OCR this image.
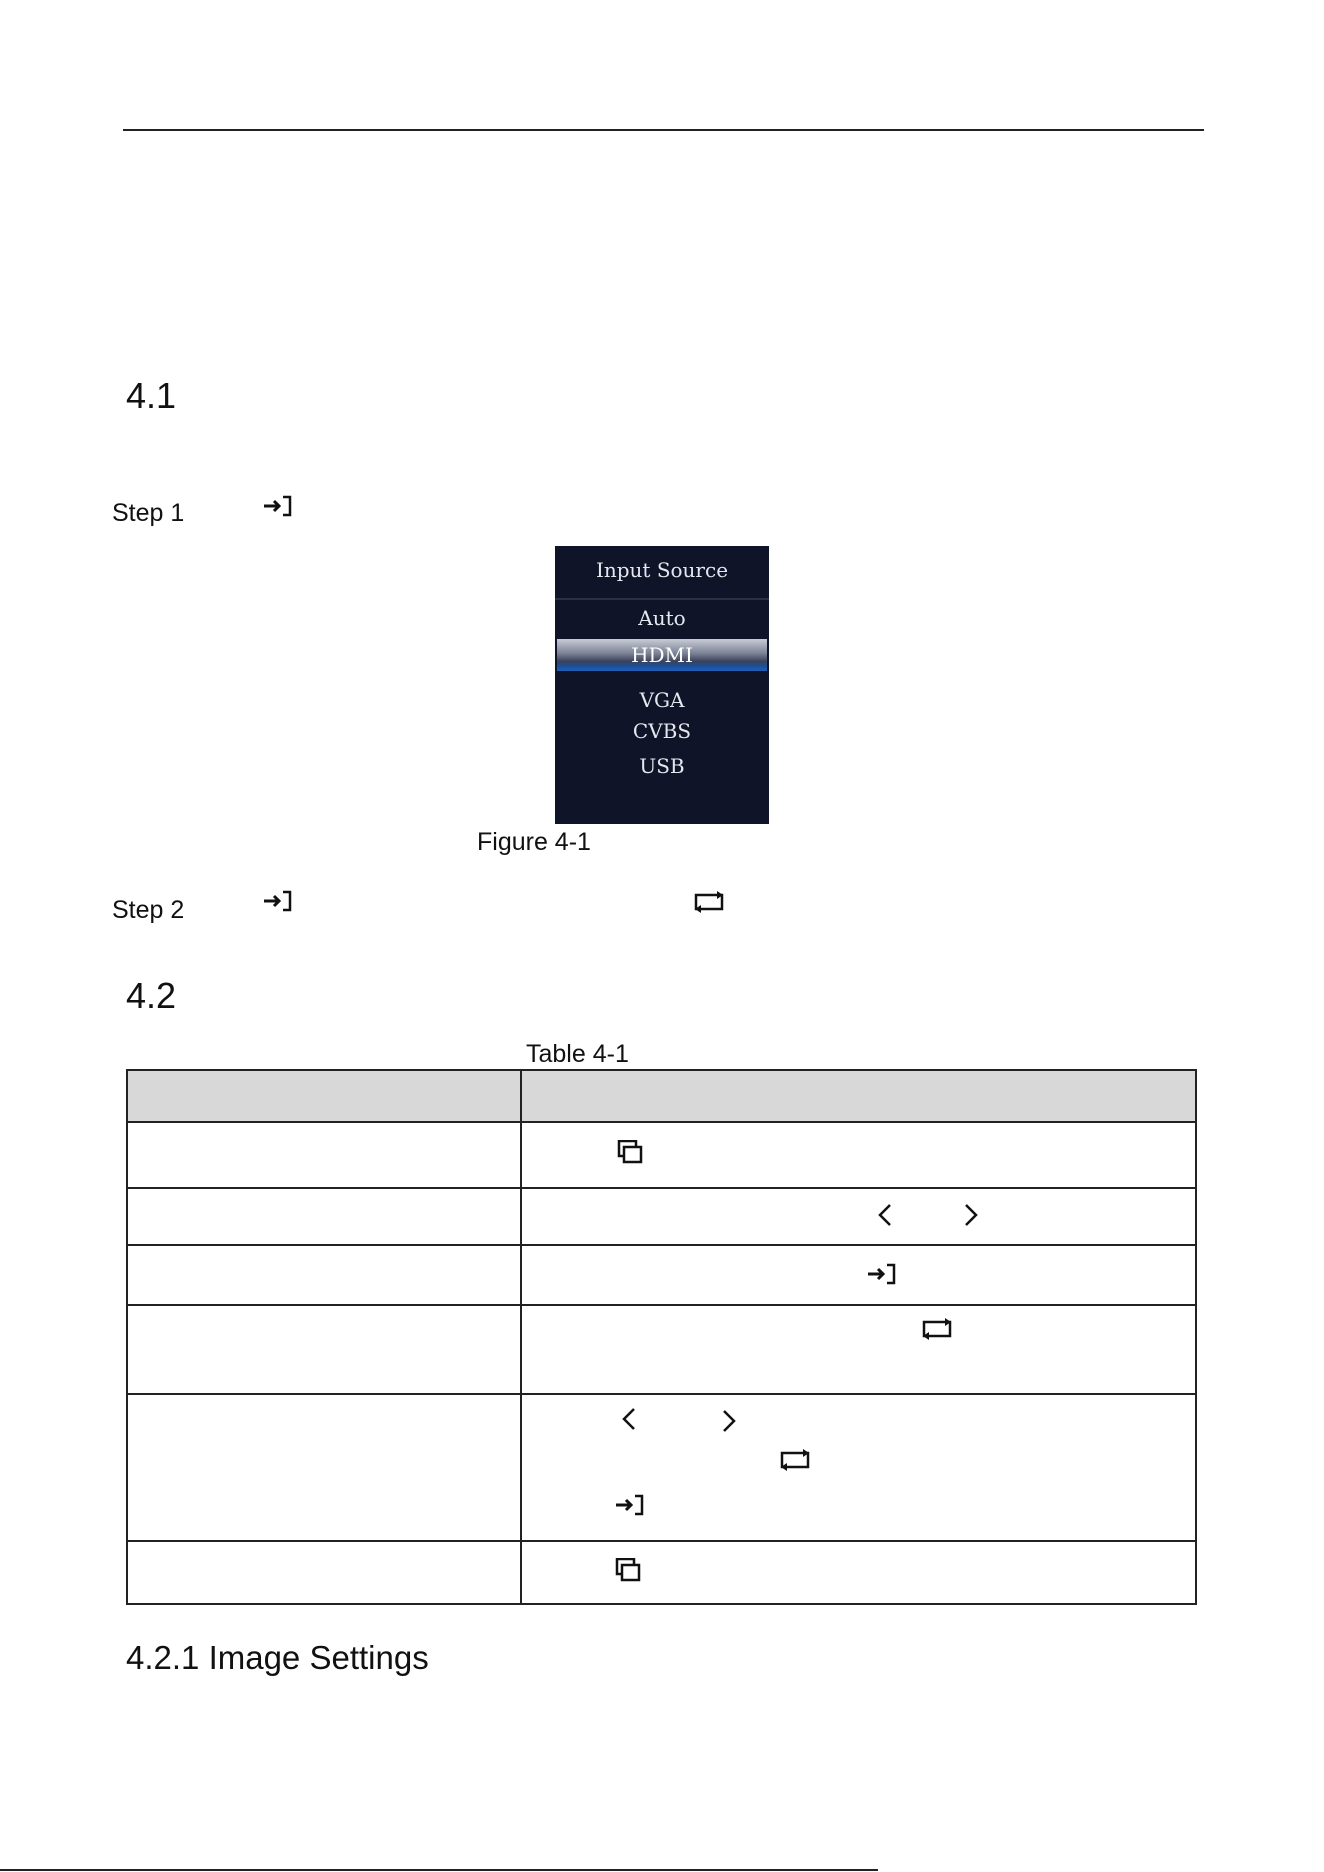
4.1
Step 1
Input Source
Auto
HDMI
VGA
CVBS
USB
Figure 4-1
Step 2
4.2
Table 4-1

4.2.1 Image Settings
